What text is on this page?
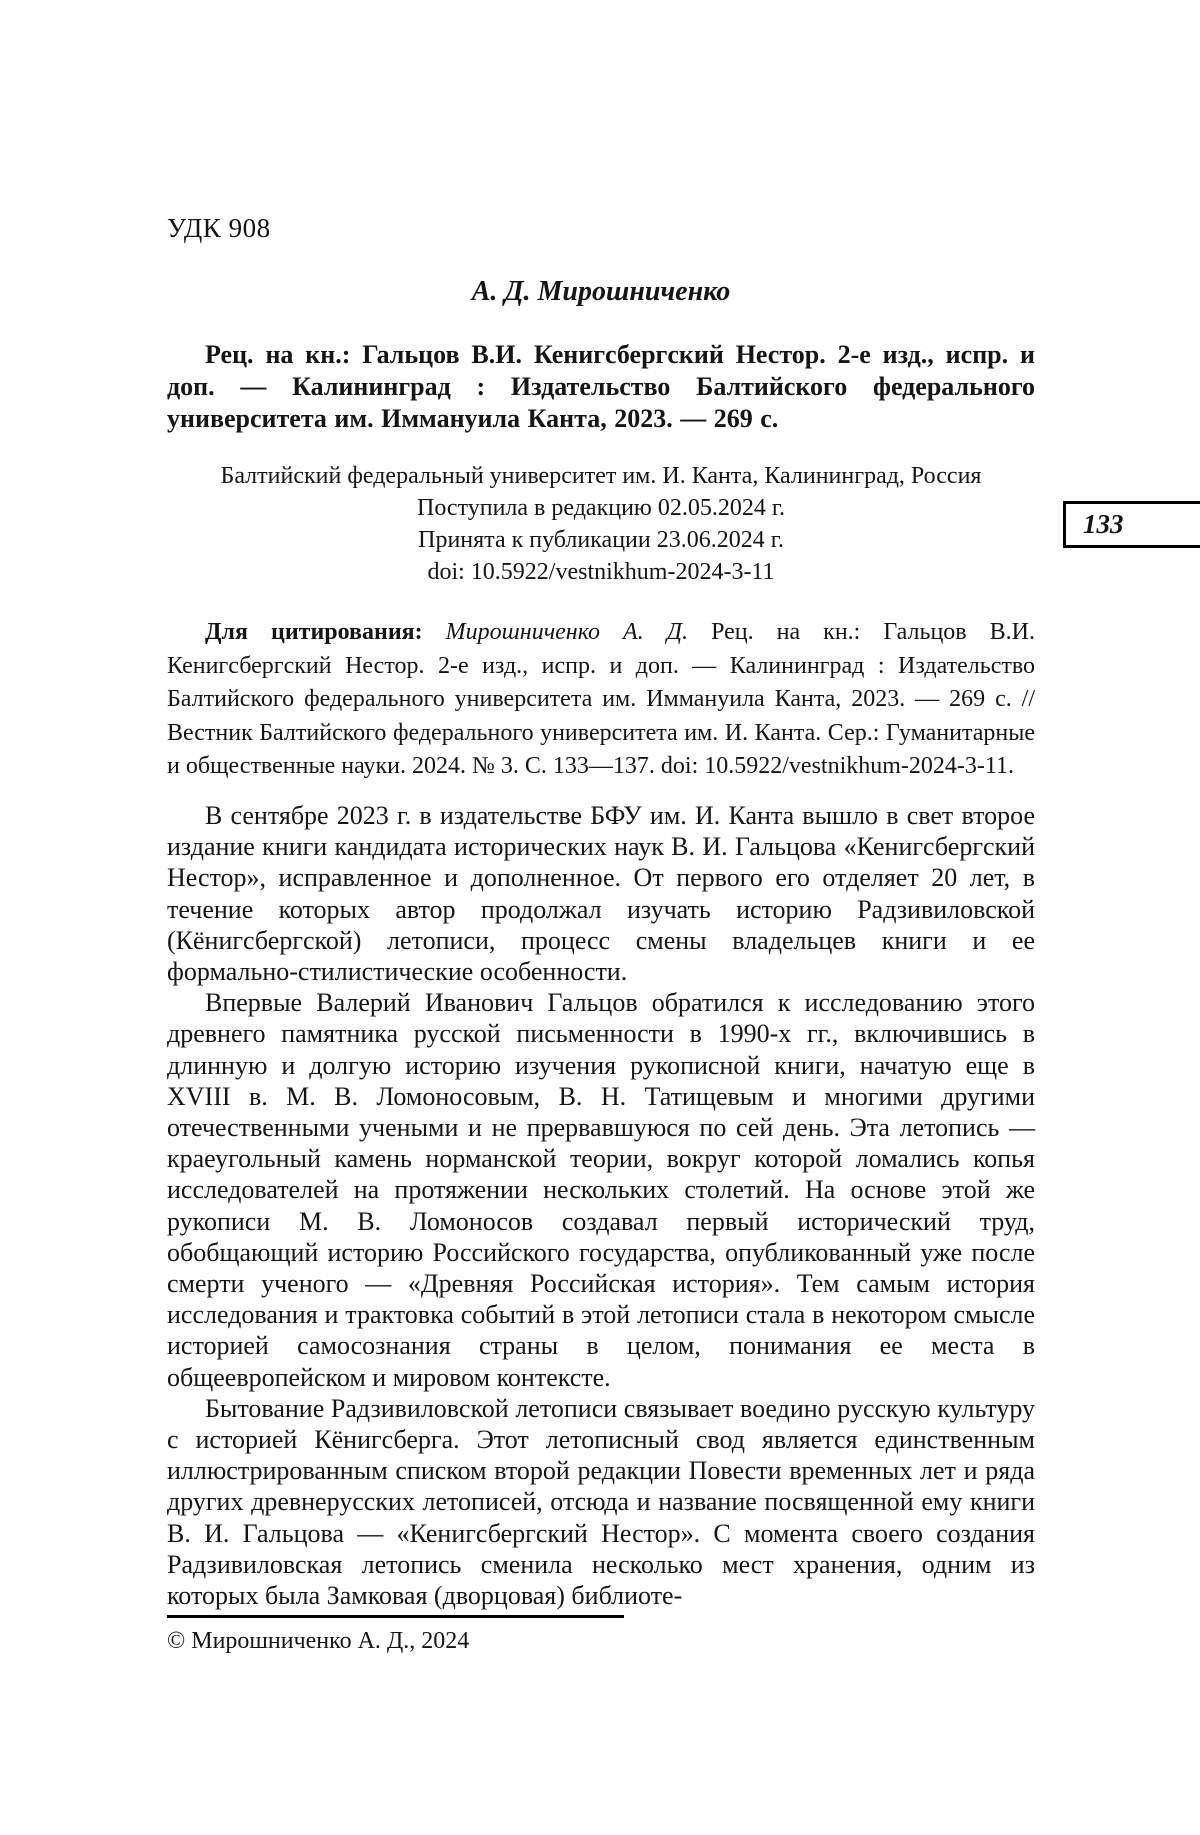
УДК 908
А. Д. Мирошниченко
Рец. на кн.: Гальцов В.И. Кенигсбергский Нестор. 2-е изд., испр. и доп. — Калининград : Издательство Балтийского федерального университета им. Иммануила Канта, 2023. — 269 с.
Балтийский федеральный университет им. И. Канта, Калининград, Россия
Поступила в редакцию 02.05.2024 г.
Принята к публикации 23.06.2024 г.
doi: 10.5922/vestnikhum-2024-3-11
133
Для цитирования: Мирошниченко А. Д. Рец. на кн.: Гальцов В.И. Кенигсбергский Нестор. 2-е изд., испр. и доп. — Калининград : Издательство Балтийского федерального университета им. Иммануила Канта, 2023. — 269 с. // Вестник Балтийского федерального университета им. И. Канта. Сер.: Гуманитарные и общественные науки. 2024. № 3. С. 133—137. doi: 10.5922/vestnikhum-2024-3-11.

В сентябре 2023 г. в издательстве БФУ им. И. Канта вышло в свет второе издание книги кандидата исторических наук В. И. Гальцова «Кенигсбергский Нестор», исправленное и дополненное. От первого его отделяет 20 лет, в течение которых автор продолжал изучать историю Радзивиловской (Кёнигсбергской) летописи, процесс смены владельцев книги и ее формально-стилистические особенности.

Впервые Валерий Иванович Гальцов обратился к исследованию этого древнего памятника русской письменности в 1990-х гг., включившись в длинную и долгую историю изучения рукописной книги, начатую еще в XVIII в. М. В. Ломоносовым, В. Н. Татищевым и многими другими отечественными учеными и не прервавшуюся по сей день. Эта летопись — краеугольный камень норманской теории, вокруг которой ломались копья исследователей на протяжении нескольких столетий. На основе этой же рукописи М. В. Ломоносов создавал первый исторический труд, обобщающий историю Российского государства, опубликованный уже после смерти ученого — «Древняя Российская история». Тем самым история исследования и трактовка событий в этой летописи стала в некотором смысле историей самосознания страны в целом, понимания ее места в общеевропейском и мировом контексте.

Бытование Радзивиловской летописи связывает воедино русскую культуру с историей Кёнигсберга. Этот летописный свод является единственным иллюстрированным списком второй редакции Повести временных лет и ряда других древнерусских летописей, отсюда и название посвященной ему книги В. И. Гальцова — «Кенигсбергский Нестор». С момента своего создания Радзивиловская летопись сменила несколько мест хранения, одним из которых была Замковая (дворцовая) библиоте-

© Мирошниченко А. Д., 2024
